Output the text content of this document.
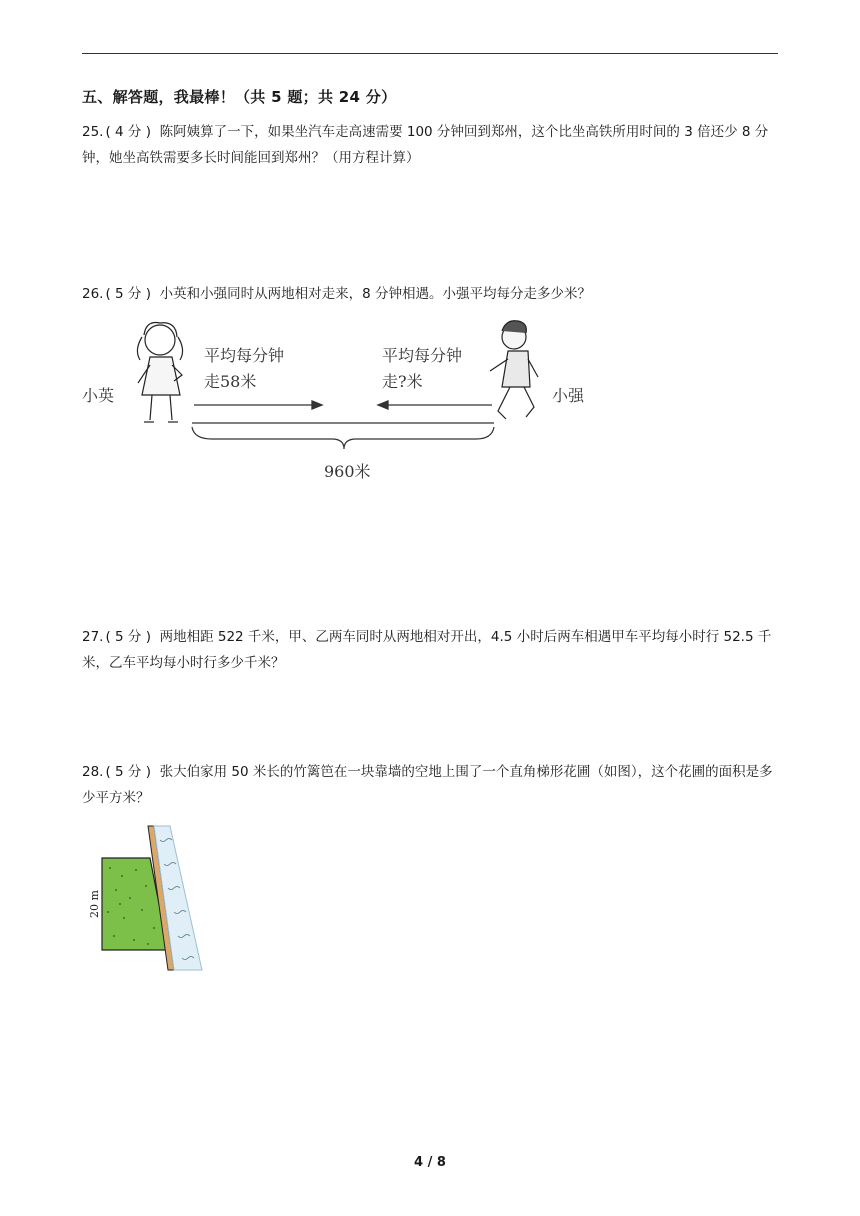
五、解答题，我最棒！（共 5 题；共 24 分）
25. ( 4 分 ) 陈阿姨算了一下，如果坐汽车走高速需要 100 分钟回到郑州，这个比坐高铁所用时间的 3 倍还少 8 分钟，她坐高铁需要多长时间能回到郑州？（用方程计算）
26. ( 5 分 ) 小英和小强同时从两地相对走来，8 分钟相遇。小强平均每分走多少米？
小英	小强
平均每分钟
走58米
平均每分钟
走?米
960米
27. ( 5 分 ) 两地相距 522 千米，甲、乙两车同时从两地相对开出，4.5 小时后两车相遇甲车平均每小时行 52.5 千米，乙车平均每小时行多少千米？
28. ( 5 分 ) 张大伯家用 50 米长的竹篱笆在一块靠墙的空地上围了一个直角梯形花圃（如图），这个花圃的面积是多少平方米？
20 m
4 / 8
